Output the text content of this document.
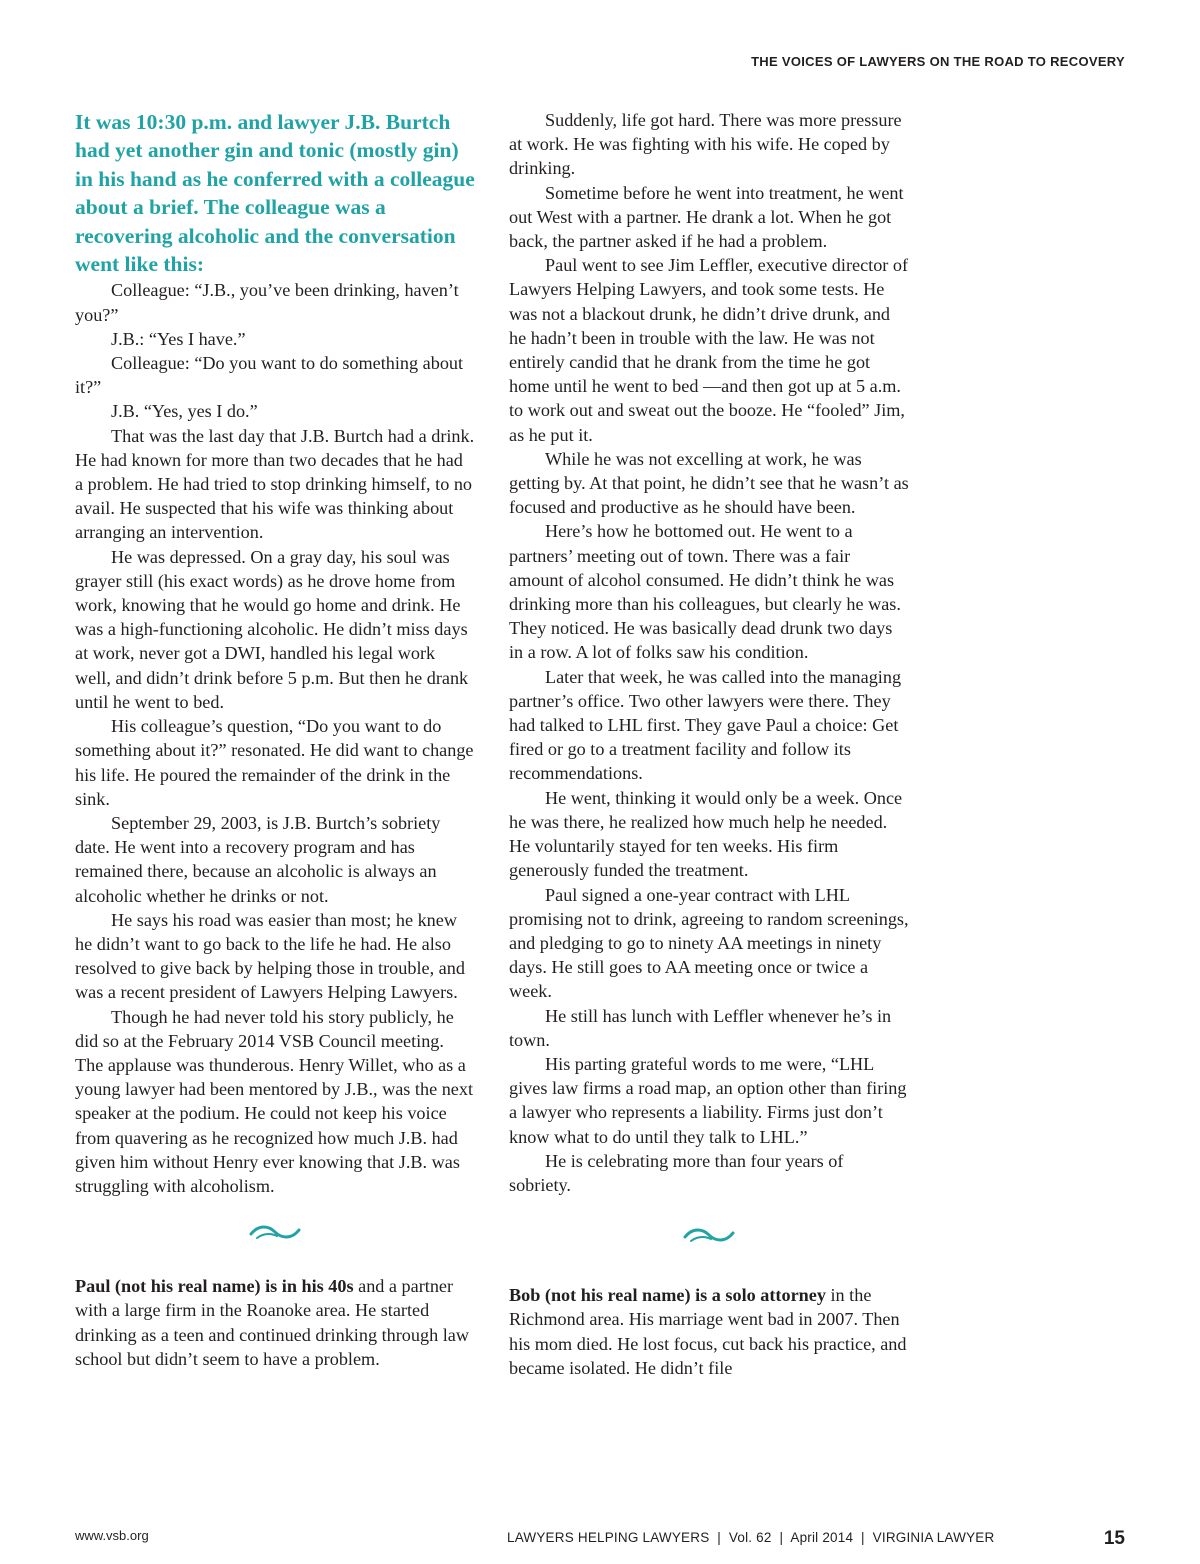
THE VOICES OF LAWYERS ON THE ROAD TO RECOVERY

It was 10:30 p.m. and lawyer J.B. Burtch had yet another gin and tonic (mostly gin) in his hand as he conferred with a colleague about a brief. The colleague was a recovering alcoholic and the conversation went like this:

Colleague: “J.B., you’ve been drinking, haven’t you?”

J.B.: “Yes I have.”

Colleague: “Do you want to do something about it?”

J.B. “Yes, yes I do.”

That was the last day that J.B. Burtch had a drink. He had known for more than two decades that he had a problem. He had tried to stop drinking himself, to no avail. He suspected that his wife was thinking about arranging an intervention.

He was depressed. On a gray day, his soul was grayer still (his exact words) as he drove home from work, knowing that he would go home and drink. He was a high-functioning alcoholic. He didn’t miss days at work, never got a DWI, handled his legal work well, and didn’t drink before 5 p.m. But then he drank until he went to bed.

His colleague’s question, “Do you want to do something about it?” resonated. He did want to change his life. He poured the remainder of the drink in the sink.

September 29, 2003, is J.B. Burtch’s sobriety date. He went into a recovery program and has remained there, because an alcoholic is always an alcoholic whether he drinks or not.

He says his road was easier than most; he knew he didn’t want to go back to the life he had. He also resolved to give back by helping those in trouble, and was a recent president of Lawyers Helping Lawyers.

Though he had never told his story publicly, he did so at the February 2014 VSB Council meeting. The applause was thunderous. Henry Willet, who as a young lawyer had been mentored by J.B., was the next speaker at the podium. He could not keep his voice from quavering as he recognized how much J.B. had given him without Henry ever knowing that J.B. was struggling with alcoholism.

Paul (not his real name) is in his 40s and a partner with a large firm in the Roanoke area. He started drinking as a teen and continued drinking through law school but didn’t seem to have a problem.

Suddenly, life got hard. There was more pressure at work. He was fighting with his wife. He coped by drinking.

Sometime before he went into treatment, he went out West with a partner. He drank a lot. When he got back, the partner asked if he had a problem.

Paul went to see Jim Leffler, executive director of Lawyers Helping Lawyers, and took some tests. He was not a blackout drunk, he didn’t drive drunk, and he hadn’t been in trouble with the law. He was not entirely candid that he drank from the time he got home until he went to bed —and then got up at 5 a.m. to work out and sweat out the booze. He “fooled” Jim, as he put it.

While he was not excelling at work, he was getting by. At that point, he didn’t see that he wasn’t as focused and productive as he should have been.

Here’s how he bottomed out. He went to a partners’ meeting out of town. There was a fair amount of alcohol consumed. He didn’t think he was drinking more than his colleagues, but clearly he was. They noticed. He was basically dead drunk two days in a row. A lot of folks saw his condition.

Later that week, he was called into the managing partner’s office. Two other lawyers were there. They had talked to LHL first. They gave Paul a choice: Get fired or go to a treatment facility and follow its recommendations.

He went, thinking it would only be a week. Once he was there, he realized how much help he needed. He voluntarily stayed for ten weeks. His firm generously funded the treatment.

Paul signed a one-year contract with LHL promising not to drink, agreeing to random screenings, and pledging to go to ninety AA meetings in ninety days. He still goes to AA meeting once or twice a week.

He still has lunch with Leffler whenever he’s in town.

His parting grateful words to me were, “LHL gives law firms a road map, an option other than firing a lawyer who represents a liability. Firms just don’t know what to do until they talk to LHL.”

He is celebrating more than four years of sobriety.

Bob (not his real name) is a solo attorney in the Richmond area. His marriage went bad in 2007. Then his mom died. He lost focus, cut back his practice, and became isolated. He didn’t file

www.vsb.org	LAWYERS HELPING LAWYERS  |  Vol. 62  |  April 2014  |  VIRGINIA LAWYER	15
